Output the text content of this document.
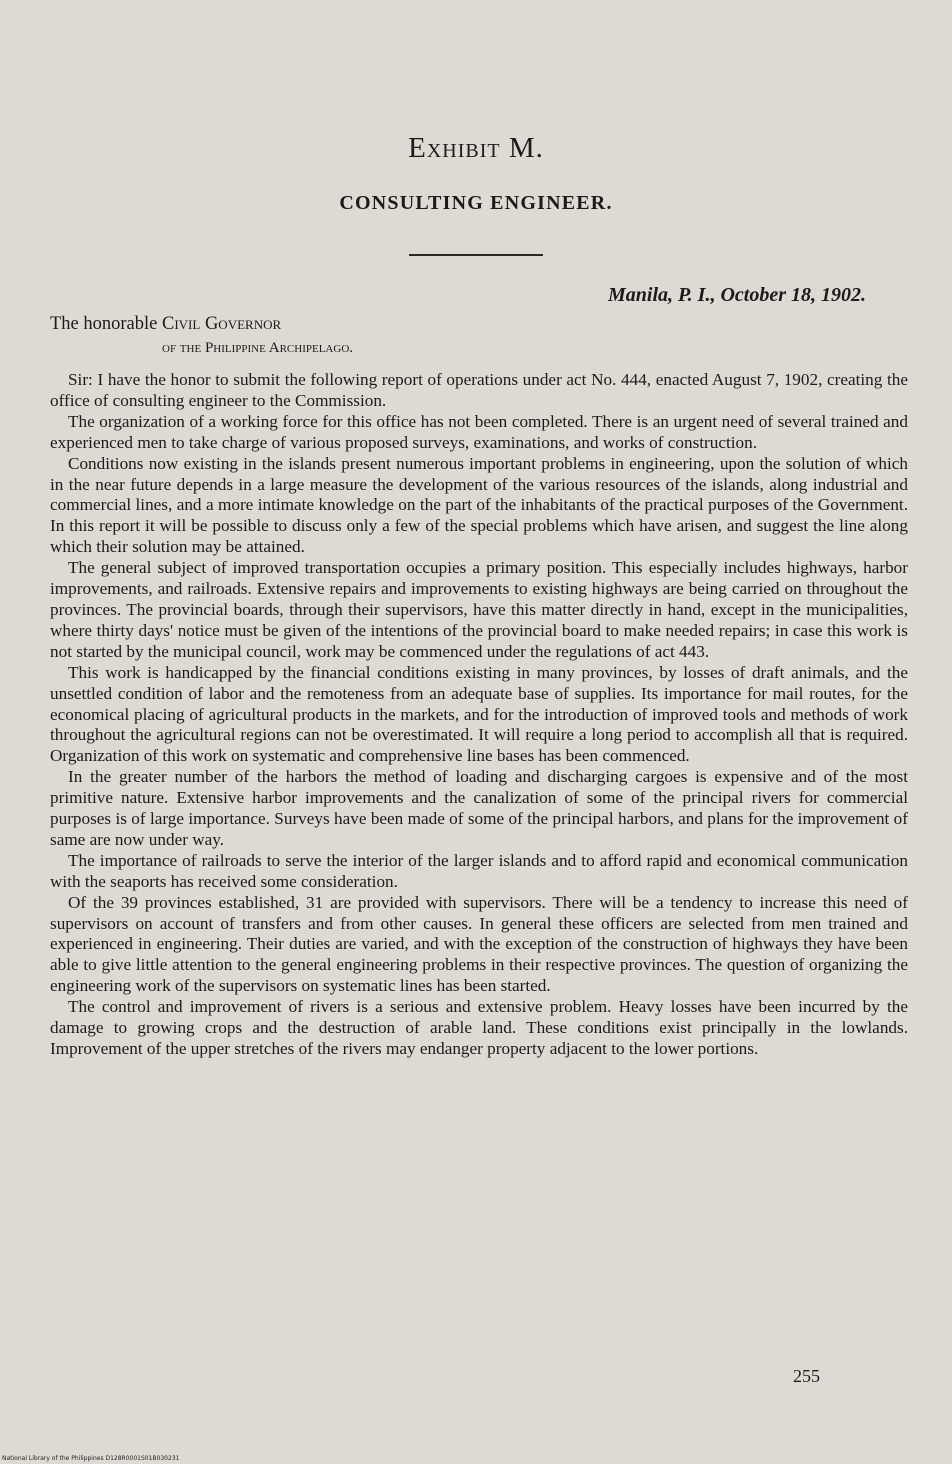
Exhibit M.
CONSULTING ENGINEER.
Manila, P. I., October 18, 1902.
The honorable Civil Governor
of the Philippine Archipelago.

Sir: I have the honor to submit the following report of operations under act No. 444, enacted August 7, 1902, creating the office of consulting engineer to the Commission.

The organization of a working force for this office has not been completed. There is an urgent need of several trained and experienced men to take charge of various proposed surveys, examinations, and works of construction.

Conditions now existing in the islands present numerous important problems in engineering, upon the solution of which in the near future depends in a large measure the development of the various resources of the islands, along industrial and commercial lines, and a more intimate knowledge on the part of the inhabitants of the practical purposes of the Government. In this report it will be possible to discuss only a few of the special problems which have arisen, and suggest the line along which their solution may be attained.

The general subject of improved transportation occupies a primary position. This especially includes highways, harbor improvements, and railroads. Extensive repairs and improvements to existing highways are being carried on throughout the provinces. The provincial boards, through their supervisors, have this matter directly in hand, except in the municipalities, where thirty days' notice must be given of the intentions of the provincial board to make needed repairs; in case this work is not started by the municipal council, work may be commenced under the regulations of act 443.

This work is handicapped by the financial conditions existing in many provinces, by losses of draft animals, and the unsettled condition of labor and the remoteness from an adequate base of supplies. Its importance for mail routes, for the economical placing of agricultural products in the markets, and for the introduction of improved tools and methods of work throughout the agricultural regions can not be overestimated. It will require a long period to accomplish all that is required. Organization of this work on systematic and comprehensive line bases has been commenced.

In the greater number of the harbors the method of loading and discharging cargoes is expensive and of the most primitive nature. Extensive harbor improvements and the canalization of some of the principal rivers for commercial purposes is of large importance. Surveys have been made of some of the principal harbors, and plans for the improvement of same are now under way.

The importance of railroads to serve the interior of the larger islands and to afford rapid and economical communication with the seaports has received some consideration.

Of the 39 provinces established, 31 are provided with supervisors. There will be a tendency to increase this need of supervisors on account of transfers and from other causes. In general these officers are selected from men trained and experienced in engineering. Their duties are varied, and with the exception of the construction of highways they have been able to give little attention to the general engineering problems in their respective provinces. The question of organizing the engineering work of the supervisors on systematic lines has been started.

The control and improvement of rivers is a serious and extensive problem. Heavy losses have been incurred by the damage to growing crops and the destruction of arable land. These conditions exist principally in the lowlands. Improvement of the upper stretches of the rivers may endanger property adjacent to the lower portions.

255
National Library of the Philippines D128R0001S01B030231
